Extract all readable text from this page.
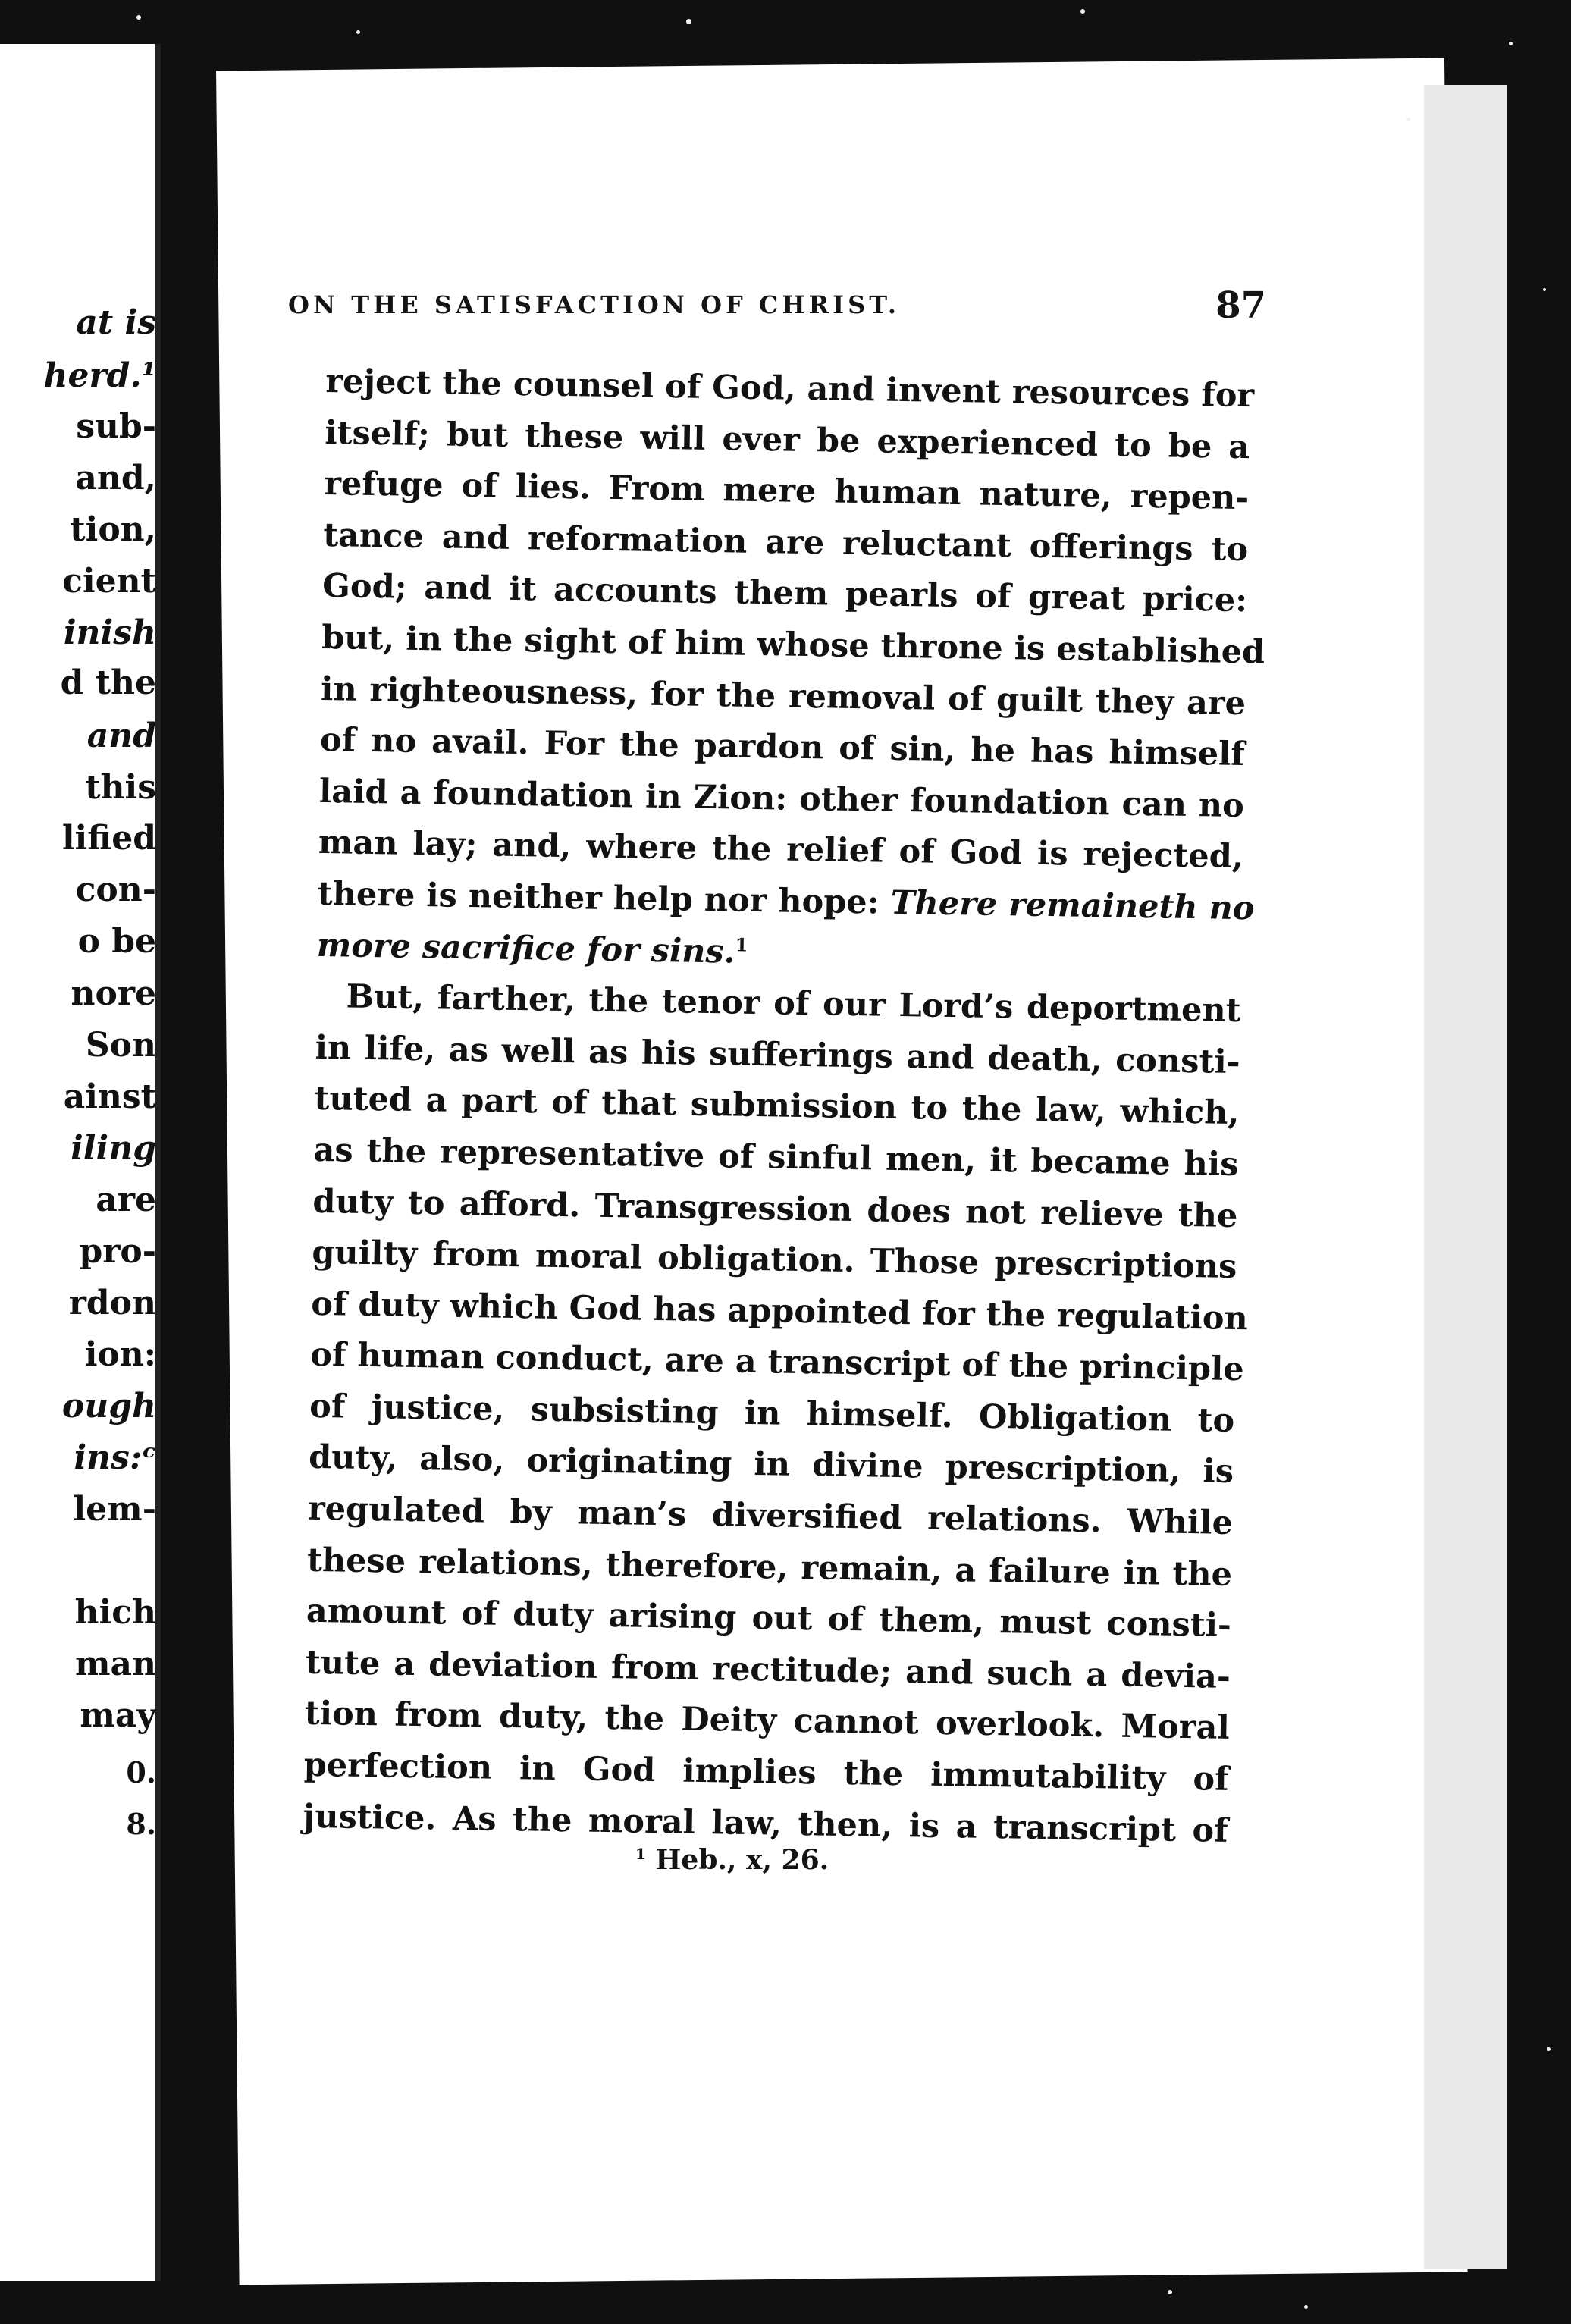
at is
herd.¹
sub-
and,
tion,
cient
inish
d the
and
this
lified
con-
o be
nore
Son
ainst
iling
are
pro-
rdon
ion:
ough
ins:ᶜ
lem-
hich
man
may
0.
8.
ON THE SATISFACTION OF CHRIST.	87
reject the counsel of God, and invent resources for
itself; but these will ever be experienced to be a
refuge of lies. From mere human nature, repen-
tance and reformation are reluctant offerings to
God; and it accounts them pearls of great price:
but, in the sight of him whose throne is established
in righteousness, for the removal of guilt they are
of no avail. For the pardon of sin, he has himself
laid a foundation in Zion: other foundation can no
man lay; and, where the relief of God is rejected,
there is neither help nor hope: There remaineth no
more sacrifice for sins.$^1$
But, farther, the tenor of our Lord’s deportment
in life, as well as his sufferings and death, consti-
tuted a part of that submission to the law, which,
as the representative of sinful men, it became his
duty to afford. Transgression does not relieve the
guilty from moral obligation. Those prescriptions
of duty which God has appointed for the regulation
of human conduct, are a transcript of the principle
of justice, subsisting in himself. Obligation to
duty, also, originating in divine prescription, is
regulated by man’s diversified relations. While
these relations, therefore, remain, a failure in the
amount of duty arising out of them, must consti-
tute a deviation from rectitude; and such a devia-
tion from duty, the Deity cannot overlook. Moral
perfection in God implies the immutability of
justice. As the moral law, then, is a transcript of
$^1$ Heb., x, 26.
